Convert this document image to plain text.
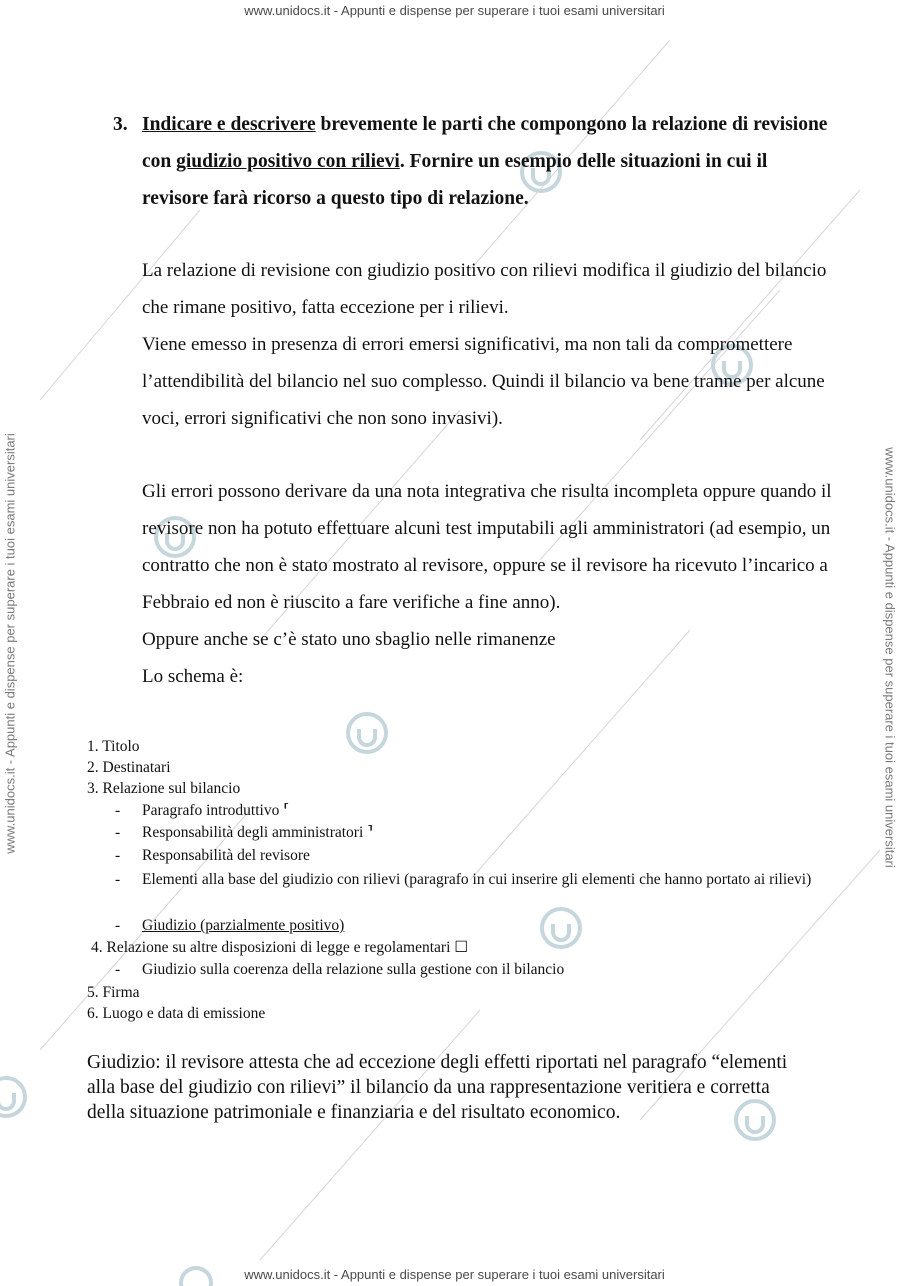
www.unidocs.it - Appunti e dispense per superare i tuoi esami universitari
www.unidocs.it - Appunti e dispense per superare i tuoi esami universitari
www.unidocs.it - Appunti e dispense per superare i tuoi esami universitari	www.unidocs.it - Appunti e dispense per superare i tuoi esami universitari
3. Indicare e descrivere brevemente le parti che compongono la relazione di revisione con giudizio positivo con rilievi. Fornire un esempio delle situazioni in cui il revisore farà ricorso a questo tipo di relazione.
La relazione di revisione con giudizio positivo con rilievi modifica il giudizio del bilancio che rimane positivo, fatta eccezione per i rilievi.
Viene emesso in presenza di errori emersi significativi, ma non tali da compromettere l’attendibilità del bilancio nel suo complesso. Quindi il bilancio va bene tranne per alcune voci, errori significativi che non sono invasivi).
Gli errori possono derivare da una nota integrativa che risulta incompleta oppure quando il revisore non ha potuto effettuare alcuni test imputabili agli amministratori (ad esempio, un contratto che non è stato mostrato al revisore, oppure se il revisore ha ricevuto l’incarico a Febbraio ed non è riuscito a fare verifiche a fine anno).
Oppure anche se c’è stato uno sbaglio nelle rimanenze
Lo schema è:
1. Titolo
2. Destinatari
3. Relazione sul bilancio
- Paragrafo introduttivo ⸢
- Responsabilità degli amministratori ⸣
- Responsabilità del revisore
- Elementi alla base del giudizio con rilievi (paragrafo in cui inserire gli elementi che hanno portato ai rilievi)
- Giudizio (parzialmente positivo)
4. Relazione su altre disposizioni di legge e regolamentari ☐
- Giudizio sulla coerenza della relazione sulla gestione con il bilancio
5. Firma
6. Luogo e data di emissione
Giudizio: il revisore attesta che ad eccezione degli effetti riportati nel paragrafo “elementi alla base del giudizio con rilievi” il bilancio da una rappresentazione veritiera e corretta della situazione patrimoniale e finanziaria e del risultato economico.
